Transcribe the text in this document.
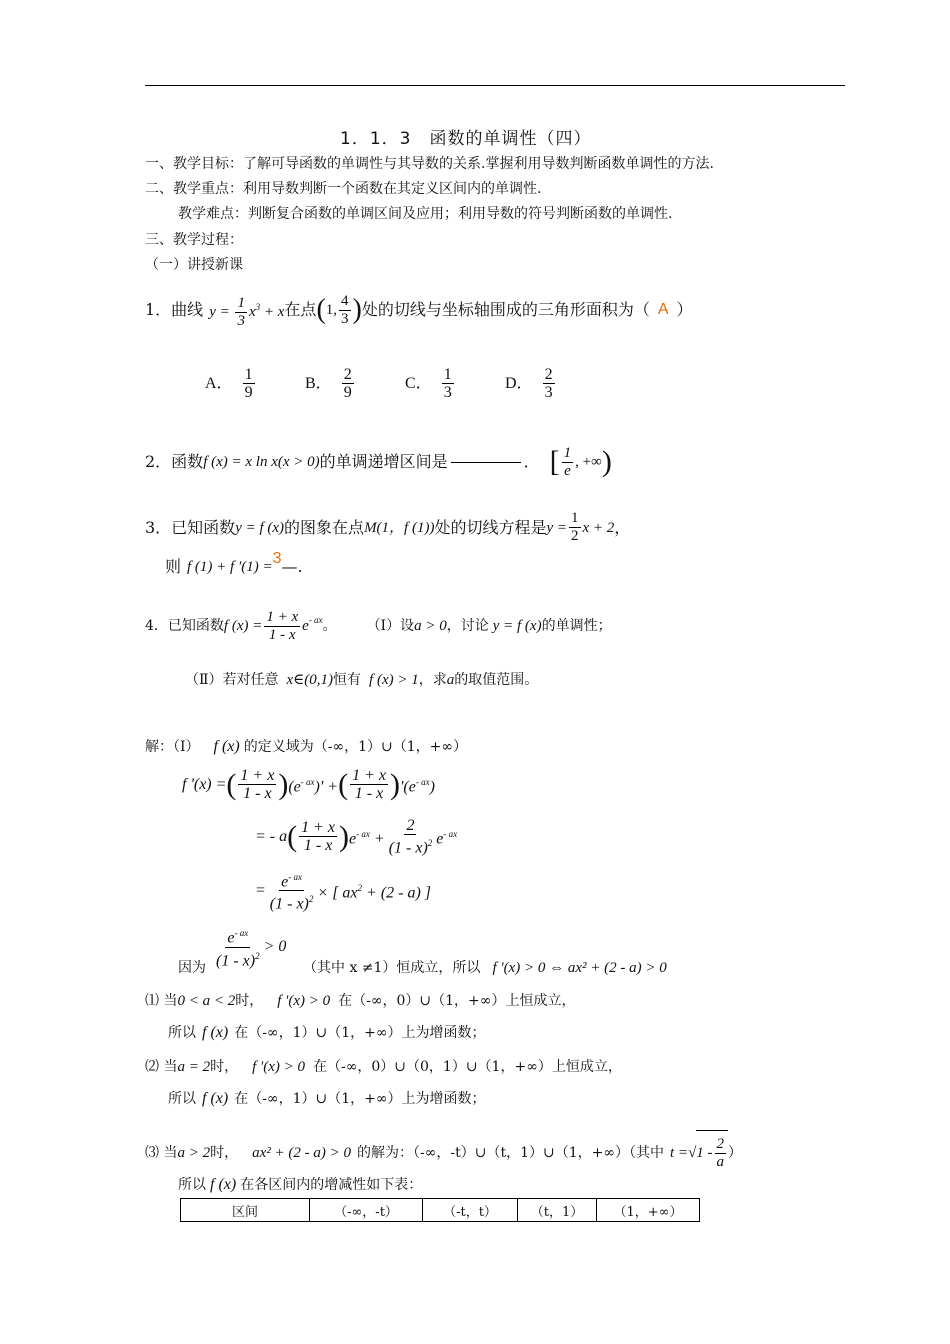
1．1．3　函数的单调性（四）
一、教学目标：了解可导函数的单调性与其导数的关系.掌握利用导数判断函数单调性的方法.
二、教学重点：利用导数判断一个函数在其定义区间内的单调性.
教学难点：判断复合函数的单调区间及应用；利用导数的符号判断函数的单调性.
三、教学过程：
（一）讲授新课
1．曲线 $y = \frac{1}{3} x^3 + x$ 在点 ( 1, $\frac{4}{3}$ ) 处的切线与坐标轴围成的三角形面积为（ A ）
A． $\frac{1}{9}$	B． $\frac{2}{9}$	C． $\frac{1}{3}$	D． $\frac{2}{3}$
2．函数 f (x) = x ln x(x > 0) 的单调递增区间是	． [ $\frac{1}{e}$ , +∞ )
3．已知函数 y = f (x) 的图象在点 M(1，f (1)) 处的切线方程是 $y = \frac{1}{2}$ x + 2 ，
则 f (1) + f ′(1) = 3 —.
4．已知函数 f $(x) = \frac{1 + x}{1 - x} e^{- ax}$ 。 （Ⅰ）设 a > 0 ，讨论 y = f (x) 的单调性；
（Ⅱ）若对任意 x∈(0,1) 恒有 f (x) > 1 ，求 a 的取值范围。
解：（I） f (x) 的定义域为（-∞，1）∪（1，+∞）
f '(x) = ( $\frac{1 + x}{1 - x}$ ) $(e^{- ax})'$ + ( $\frac{1 + x}{1 - x}$ ) '$(e^{- ax})$
= - a ( $\frac{1 + x}{1 - x}$ ) $e^{- ax} + \frac{2}{(1 - x)^2} e^{- ax}$
= $\frac{e^{- ax}}{(1 - x)^2}$ × [ $ax^2 + (2 - a)$ ]
$\frac{e^{- ax}}{(1 - x)^2} > 0$
因为	（其中 x ≠1）恒成立，所以 f '(x) > 0 ⇔ ax² + (2 - a) > 0
⑴ 当 0 < a < 2 时， f '(x) > 0 在（-∞，0）∪（1，+∞）上恒成立，
所以 f (x) 在（-∞，1）∪（1，+∞）上为增函数；
⑵ 当 a = 2 时， f '(x) > 0 在（-∞，0）∪（0，1）∪（1，+∞）上恒成立，
所以 f (x) 在（-∞，1）∪（1，+∞）上为增函数；
⑶ 当 a > 2 时， ax² + (2 - a) > 0 的解为：（-∞，-t）∪（t，1）∪（1，+∞）（其中 t = √ $1 - \frac{2}{a}$ ）
所以 f (x) 在各区间内的增减性如下表：
区间	（-∞，-t）	（-t，t）	（t，1）	（1，+∞）
